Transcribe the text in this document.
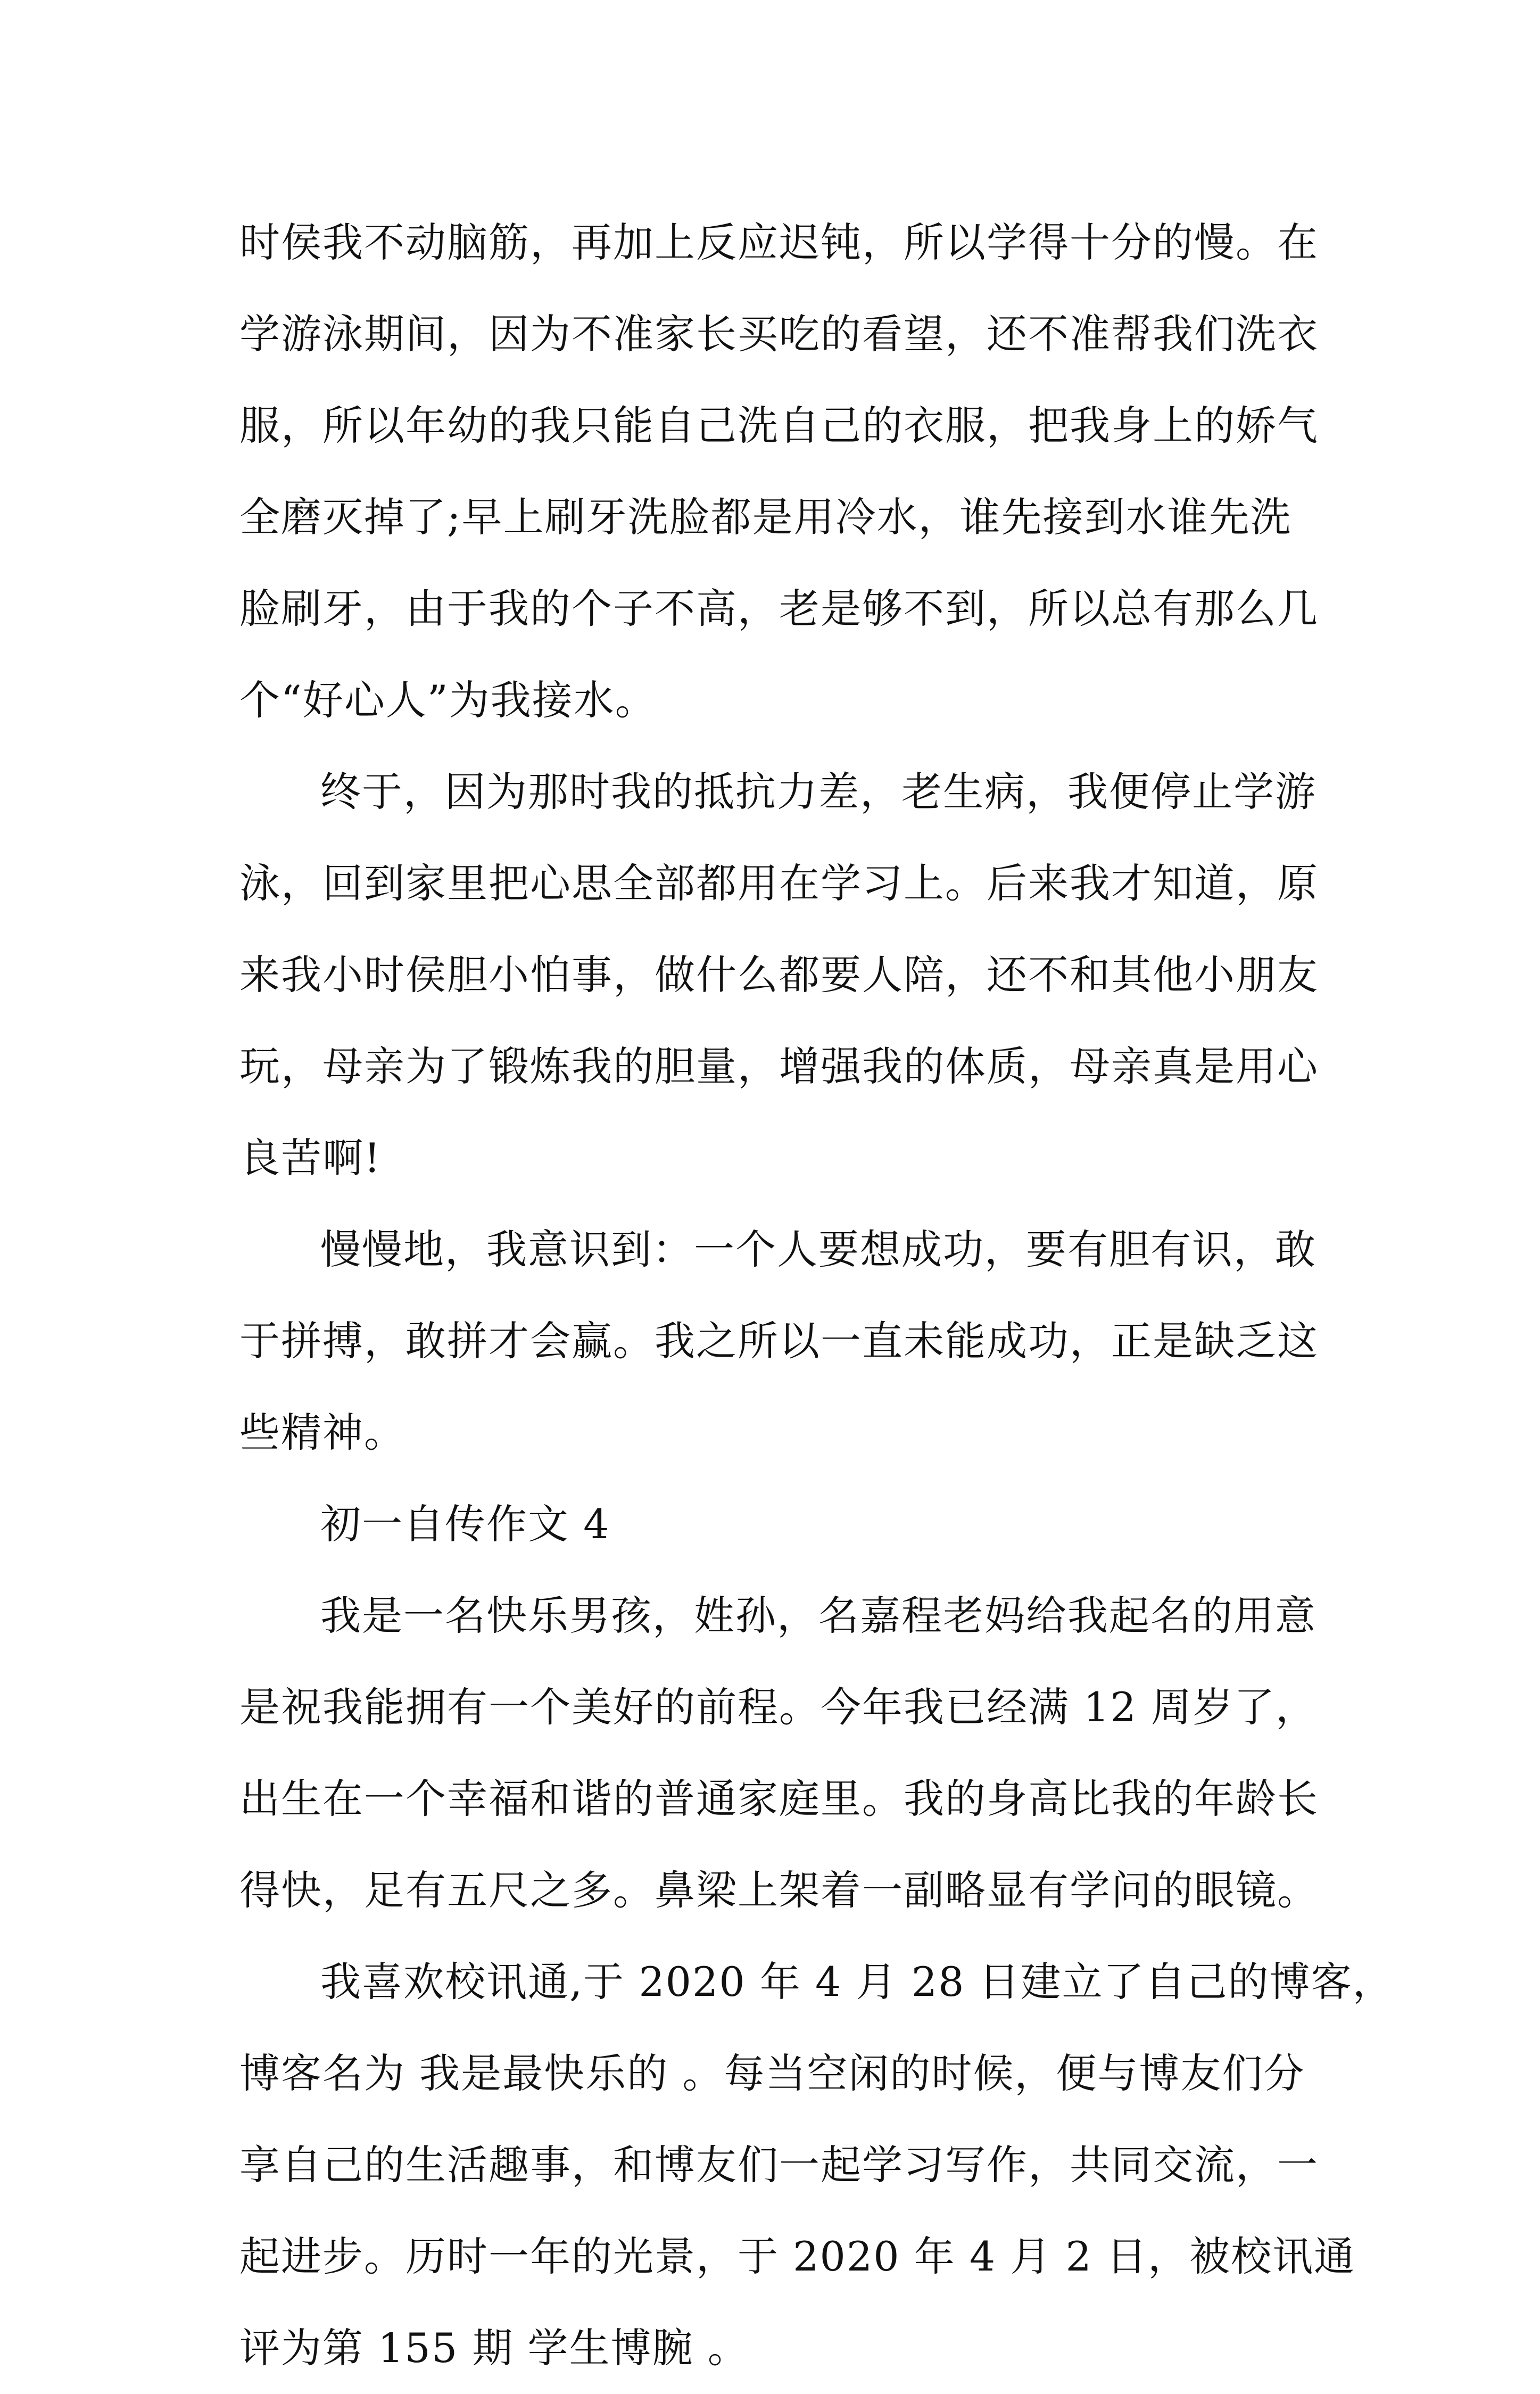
时侯我不动脑筋，再加上反应迟钝，所以学得十分的慢。在
学游泳期间，因为不准家长买吃的看望，还不准帮我们洗衣
服，所以年幼的我只能自己洗自己的衣服，把我身上的娇气
全磨灭掉了;早上刷牙洗脸都是用冷水，谁先接到水谁先洗
脸刷牙，由于我的个子不高，老是够不到，所以总有那么几
个“好心人”为我接水。
终于，因为那时我的抵抗力差，老生病，我便停止学游
泳，回到家里把心思全部都用在学习上。后来我才知道，原
来我小时侯胆小怕事，做什么都要人陪，还不和其他小朋友
玩，母亲为了锻炼我的胆量，增强我的体质，母亲真是用心
良苦啊!
慢慢地，我意识到：一个人要想成功，要有胆有识，敢
于拼搏，敢拼才会赢。我之所以一直未能成功，正是缺乏这
些精神。
初一自传作文 4
我是一名快乐男孩，姓孙，名嘉程老妈给我起名的用意
是祝我能拥有一个美好的前程。今年我已经满 12 周岁了，
出生在一个幸福和谐的普通家庭里。我的身高比我的年龄长
得快，足有五尺之多。鼻梁上架着一副略显有学问的眼镜。
我喜欢校讯通,于 2020 年 4 月 28 日建立了自己的博客，
博客名为 我是最快乐的 。每当空闲的时候，便与博友们分
享自己的生活趣事，和博友们一起学习写作，共同交流，一
起进步。历时一年的光景，于 2020 年 4 月 2 日，被校讯通
评为第 155 期 学生博腕 。
